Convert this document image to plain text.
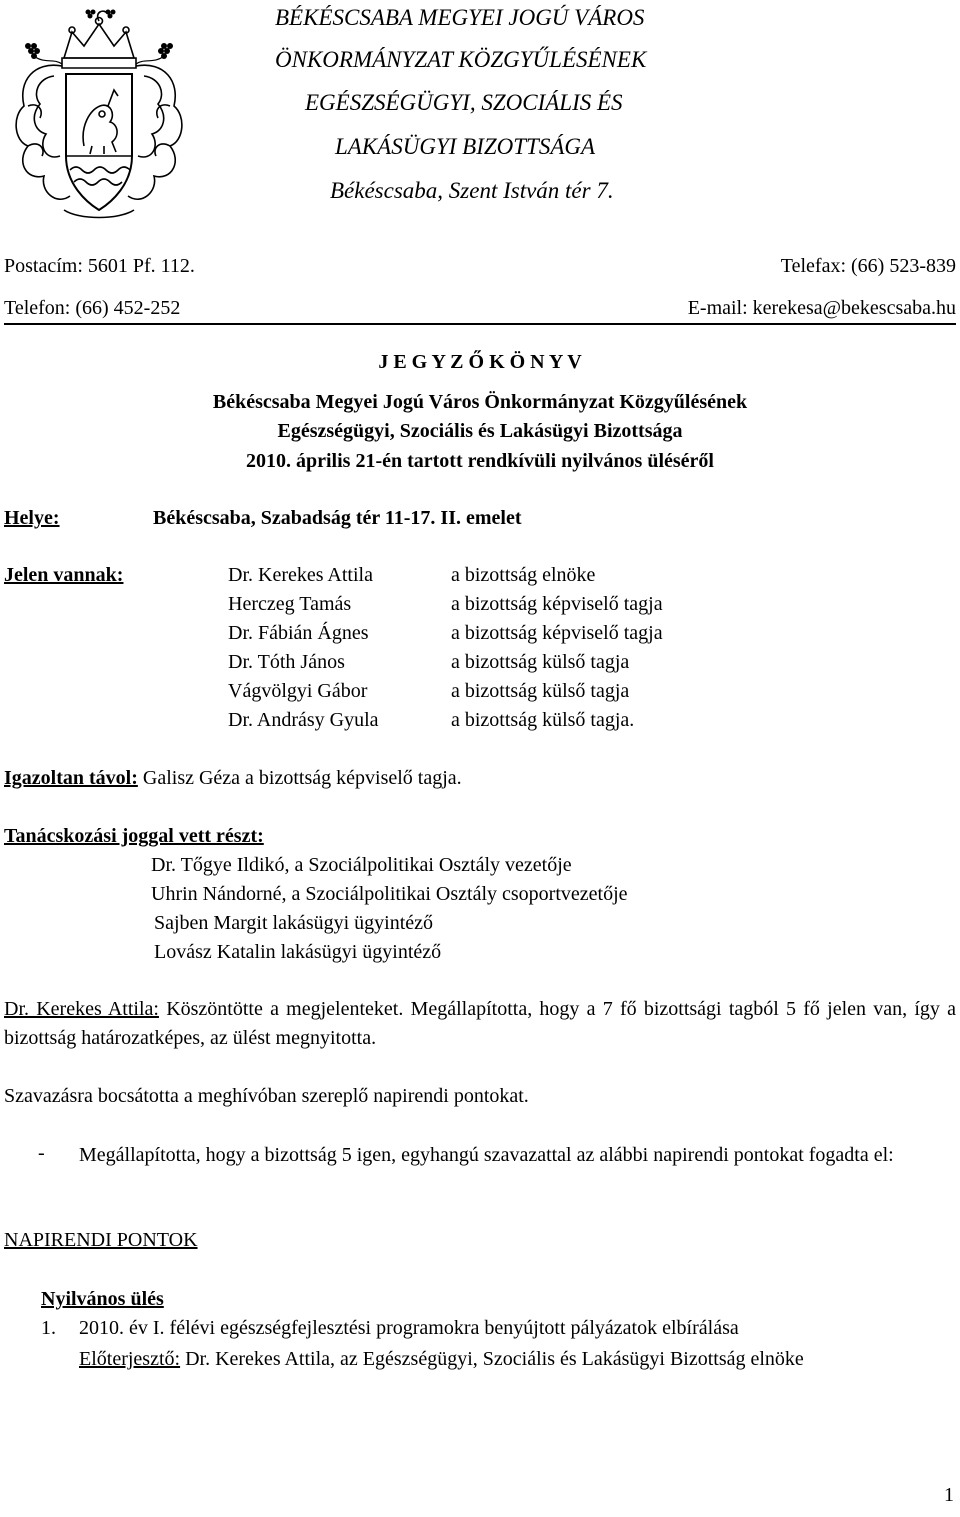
BÉKÉSCSABA MEGYEI JOGÚ VÁROS
ÖNKORMÁNYZAT KÖZGYŰLÉSÉNEK
EGÉSZSÉGÜGYI, SZOCIÁLIS ÉS
LAKÁSÜGYI BIZOTTSÁGA
Békéscsaba, Szent István tér 7.
Postacím: 5601 Pf. 112.	Telefax: (66) 523-839
Telefon: (66) 452-252	E-mail: kerekesa@bekescsaba.hu
J E G Y Z Ő K Ö N Y V
Békéscsaba Megyei Jogú Város Önkormányzat Közgyűlésének
Egészségügyi, Szociális és Lakásügyi Bizottsága
2010. április 21-én tartott rendkívüli nyilvános üléséről
Helye:	Békéscsaba, Szabadság tér 11-17. II. emelet
Jelen vannak:	Dr. Kerekes Attila	a bizottság elnöke
Herczeg Tamás	a bizottság képviselő tagja
Dr. Fábián Ágnes	a bizottság képviselő tagja
Dr. Tóth János	a bizottság külső tagja
Vágvölgyi Gábor	a bizottság külső tagja
Dr. Andrásy Gyula	a bizottság külső tagja.
Igazoltan távol: Galisz Géza a bizottság képviselő tagja.
Tanácskozási joggal vett részt:
Dr. Tőgye Ildikó, a Szociálpolitikai Osztály vezetője
Uhrin Nándorné, a Szociálpolitikai Osztály csoportvezetője
Sajben Margit lakásügyi ügyintéző
Lovász Katalin lakásügyi ügyintéző
Dr. Kerekes Attila: Köszöntötte a megjelenteket. Megállapította, hogy a 7 fő bizottsági tagból 5 fő jelen van, így a bizottság határozatképes, az ülést megnyitotta.
Szavazásra bocsátotta a meghívóban szereplő napirendi pontokat.
- Megállapította, hogy a bizottság 5 igen, egyhangú szavazattal az alábbi napirendi pontokat fogadta el:
NAPIRENDI PONTOK
Nyilvános ülés
1. 2010. év I. félévi egészségfejlesztési programokra benyújtott pályázatok elbírálása
Előterjesztő: Dr. Kerekes Attila, az Egészségügyi, Szociális és Lakásügyi Bizottság elnöke
1
